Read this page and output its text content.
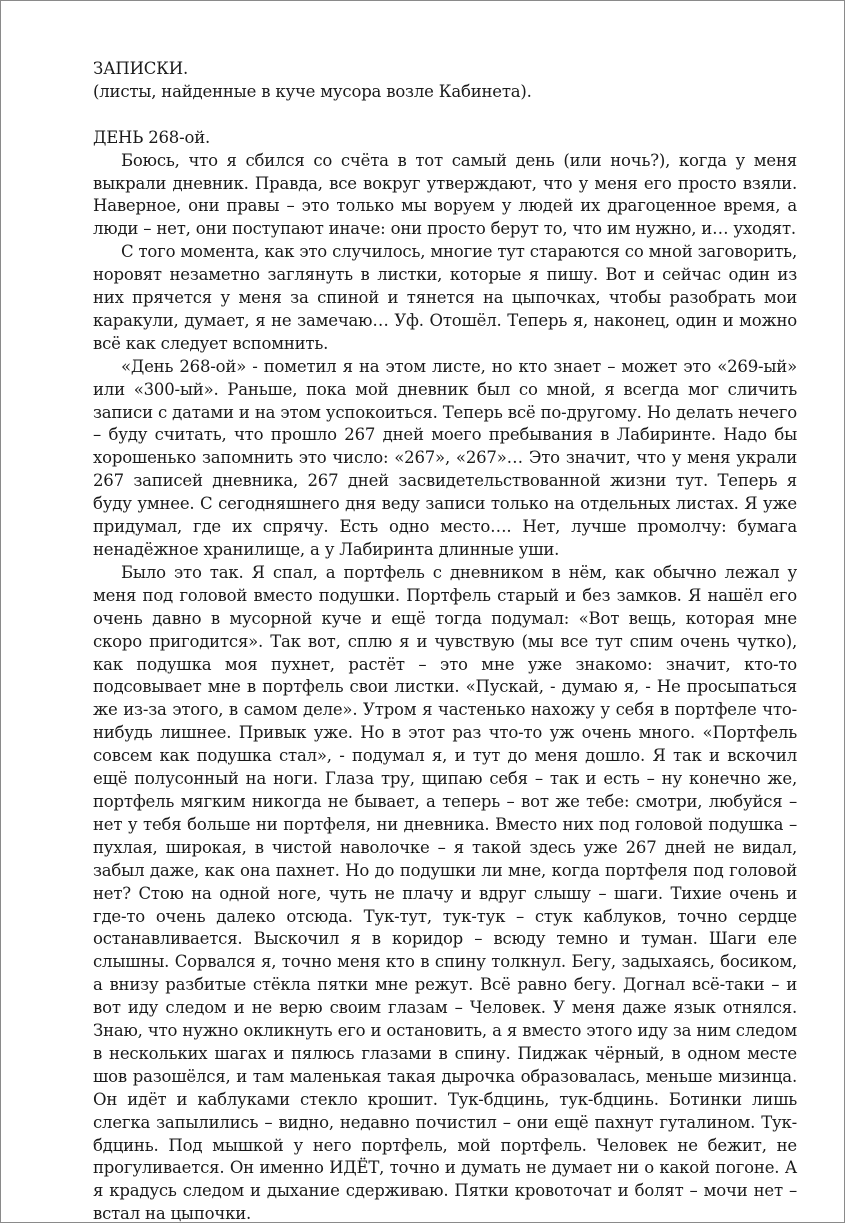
ЗАПИСКИ.

(листы, найденные в куче мусора возле Кабинета).

ДЕНЬ 268-ой.

Боюсь, что я сбился со счёта в тот самый день (или ночь?), когда у меня выкрали дневник. Правда, все вокруг утверждают, что у меня его просто взяли. Наверное, они правы – это только мы воруем у людей их драгоценное время, а люди – нет, они поступают иначе: они просто берут то, что им нужно, и… уходят.

С того момента, как это случилось, многие тут стараются со мной заговорить, норовят незаметно заглянуть в листки, которые я пишу. Вот и сейчас один из них прячется у меня за спиной и тянется на цыпочках, чтобы разобрать мои каракули, думает, я не замечаю… Уф. Отошёл. Теперь я, наконец, один и можно всё как следует вспомнить.

«День 268-ой» - пометил я на этом листе, но кто знает – может это «269-ый» или «300-ый». Раньше, пока мой дневник был со мной, я всегда мог сличить записи с датами и на этом успокоиться. Теперь всё по-другому. Но делать нечего – буду считать, что прошло 267 дней моего пребывания в Лабиринте. Надо бы хорошенько запомнить это число: «267», «267»… Это значит, что у меня украли 267 записей дневника, 267 дней засвидетельствованной жизни тут. Теперь я буду умнее. С сегодняшнего дня веду записи только на отдельных листах. Я уже придумал, где их спрячу. Есть одно место…. Нет, лучше промолчу: бумага ненадёжное хранилище, а у Лабиринта длинные уши.

Было это так. Я спал, а портфель с дневником в нём, как обычно лежал у меня под головой вместо подушки. Портфель старый и без замков. Я нашёл его очень давно в мусорной куче и ещё тогда подумал: «Вот вещь, которая мне скоро пригодится». Так вот, сплю я и чувствую (мы все тут спим очень чутко), как подушка моя пухнет, растёт – это мне уже знакомо: значит, кто-то подсовывает мне в портфель свои листки. «Пускай, - думаю я, - Не просыпаться же из-за этого, в самом деле». Утром я частенько нахожу у себя в портфеле что-нибудь лишнее. Привык уже. Но в этот раз что-то уж очень много. «Портфель совсем как подушка стал», - подумал я, и тут до меня дошло. Я так и вскочил ещё полусонный на ноги. Глаза тру, щипаю себя – так и есть – ну конечно же, портфель мягким никогда не бывает, а теперь – вот же тебе: смотри, любуйся – нет у тебя больше ни портфеля, ни дневника. Вместо них под головой подушка – пухлая, широкая, в чистой наволочке – я такой здесь уже 267 дней не видал, забыл даже, как она пахнет. Но до подушки ли мне, когда портфеля под головой нет? Стою на одной ноге, чуть не плачу и вдруг слышу – шаги. Тихие очень и где-то очень далеко отсюда. Тук-тут, тук-тук – стук каблуков, точно сердце останавливается. Выскочил я в коридор – всюду темно и туман. Шаги еле слышны. Сорвался я, точно меня кто в спину толкнул. Бегу, задыхаясь, босиком, а внизу разбитые стёкла пятки мне режут. Всё равно бегу. Догнал всё-таки – и вот иду следом и не верю своим глазам – Человек. У меня даже язык отнялся. Знаю, что нужно окликнуть его и остановить, а я вместо этого иду за ним следом в нескольких шагах и пялюсь глазами в спину. Пиджак чёрный, в одном месте шов разошёлся, и там маленькая такая дырочка образовалась, меньше мизинца. Он идёт и каблуками стекло крошит. Тук-бдцинь, тук-бдцинь. Ботинки лишь слегка запылились – видно, недавно почистил – они ещё пахнут гуталином. Тук-бдцинь. Под мышкой у него портфель, мой портфель. Человек не бежит, не прогуливается. Он именно ИДЁТ, точно и думать не думает ни о какой погоне. А я крадусь следом и дыхание сдерживаю. Пятки кровоточат и болят – мочи нет – встал на цыпочки.
